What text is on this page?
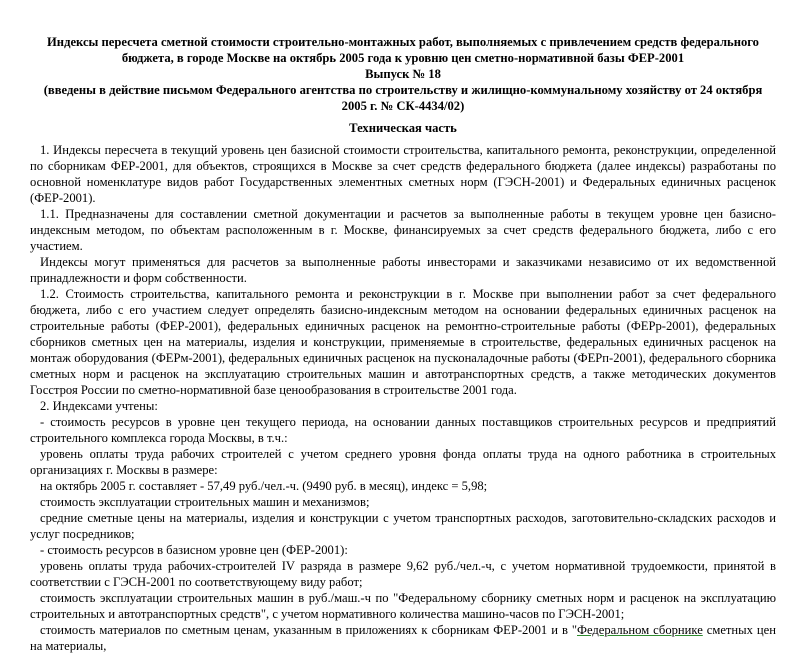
Индексы пересчета сметной стоимости строительно-монтажных работ, выполняемых с привлечением средств федерального бюджета, в городе Москве на октябрь 2005 года к уровню цен сметно-нормативной базы ФЕР-2001

Выпуск № 18

(введены в действие письмом Федерального агентства по строительству и жилищно-коммунальному хозяйству от 24 октября 2005 г. № СК-4434/02)

Техническая часть

1. Индексы пересчета в текущий уровень цен базисной стоимости строительства, капитального ремонта, реконструкции, определенной по сборникам ФЕР-2001, для объектов, строящихся в Москве за счет средств федерального бюджета (далее индексы) разработаны по основной номенклатуре видов работ Государственных элементных сметных норм (ГЭСН-2001) и Федеральных единичных расценок (ФЕР-2001).

1.1. Предназначены для составлении сметной документации и расчетов за выполненные работы в текущем уровне цен базисно-индексным методом, по объектам расположенным в г. Москве, финансируемых за счет средств федерального бюджета, либо с его участием.

Индексы могут применяться для расчетов за выполненные работы инвесторами и заказчиками независимо от их ведомственной принадлежности и форм собственности.

1.2. Стоимость строительства, капитального ремонта и реконструкции в г. Москве при выполнении работ за счет федерального бюджета, либо с его участием следует определять базисно-индексным методом на основании федеральных единичных расценок на строительные работы (ФЕР-2001), федеральных единичных расценок на ремонтно-строительные работы (ФЕРр-2001), федеральных сборников сметных цен на материалы, изделия и конструкции, применяемые в строительстве, федеральных единичных расценок на монтаж оборудования (ФЕРм-2001), федеральных единичных расценок на пусконаладочные работы (ФЕРп-2001), федерального сборника сметных норм и расценок на эксплуатацию строительных машин и автотранспортных средств, а также методических документов Госстроя России по сметно-нормативной базе ценообразования в строительстве 2001 года.

2. Индексами учтены:

- стоимость ресурсов в уровне цен текущего периода, на основании данных поставщиков строительных ресурсов и предприятий строительного комплекса города Москвы, в т.ч.:

уровень оплаты труда рабочих строителей с учетом среднего уровня фонда оплаты труда на одного работника в строительных организациях г. Москвы в размере:

на октябрь 2005 г. составляет - 57,49 руб./чел.-ч. (9490 руб. в месяц), индекс = 5,98;

стоимость эксплуатации строительных машин и механизмов;

средние сметные цены на материалы, изделия и конструкции с учетом транспортных расходов, заготовительно-складских расходов и услуг посредников;

- стоимость ресурсов в базисном уровне цен (ФЕР-2001):

уровень оплаты труда рабочих-строителей IV разряда в размере 9,62 руб./чел.-ч, с учетом нормативной трудоемкости, принятой в соответствии с ГЭСН-2001 по соответствующему виду работ;

стоимость эксплуатации строительных машин в руб./маш.-ч по "Федеральному сборнику сметных норм и расценок на эксплуатацию строительных и автотранспортных средств", с учетом нормативного количества машино-часов по ГЭСН-2001;

стоимость материалов по сметным ценам, указанным в приложениях к сборникам ФЕР-2001 и в "Федеральном сборнике сметных цен на материалы,
